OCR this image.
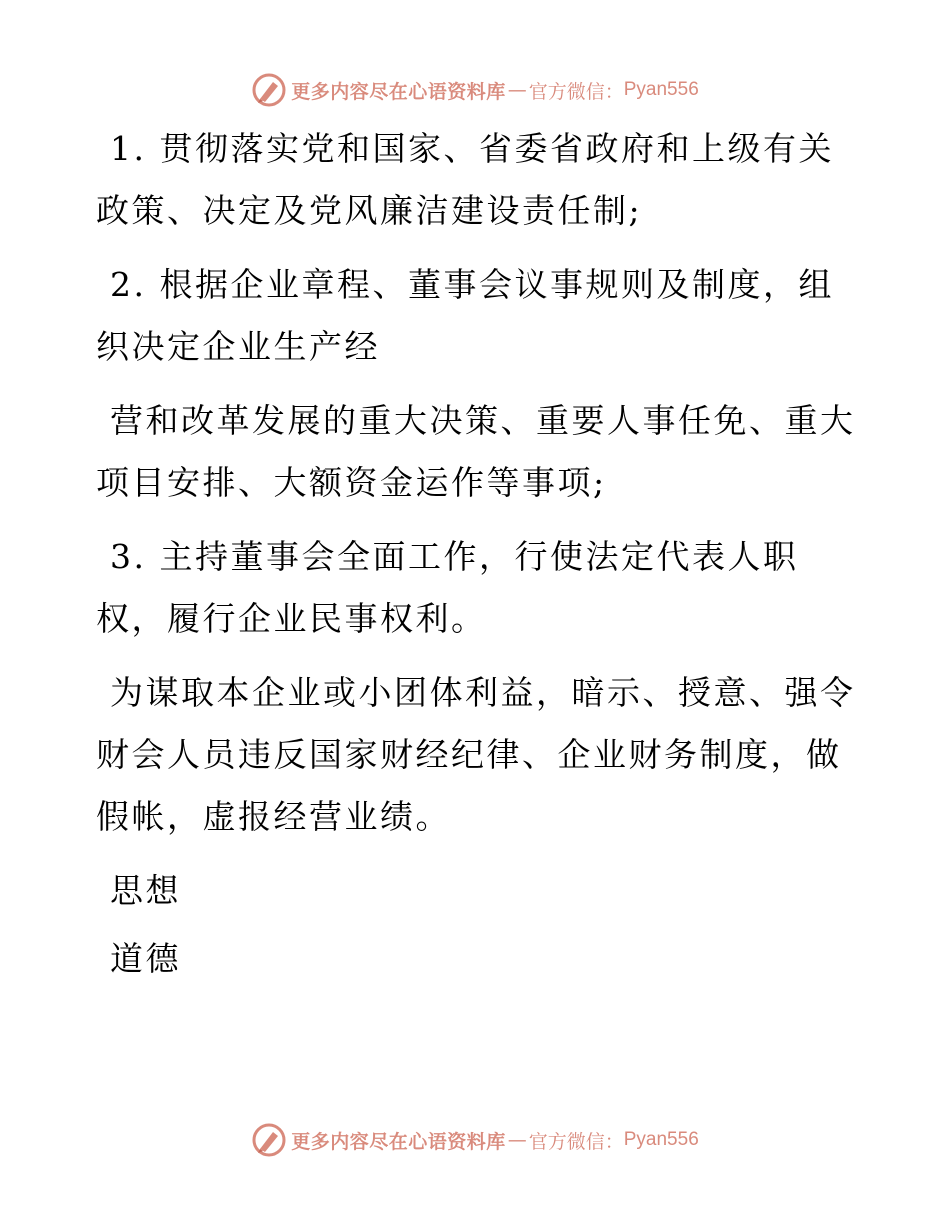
更多内容尽在心语资料库 — 官方微信： Pyan556

1. 贯彻落实党和国家、省委省政府和上级有关政策、决定及党风廉洁建设责任制;

2. 根据企业章程、董事会议事规则及制度，组织决定企业生产经

营和改革发展的重大决策、重要人事任免、重大项目安排、大额资金运作等事项;

3. 主持董事会全面工作，行使法定代表人职权，履行企业民事权利。

为谋取本企业或小团体利益，暗示、授意、强令财会人员违反国家财经纪律、企业财务制度，做假帐，虚报经营业绩。

思想

道德

更多内容尽在心语资料库 — 官方微信： Pyan556
